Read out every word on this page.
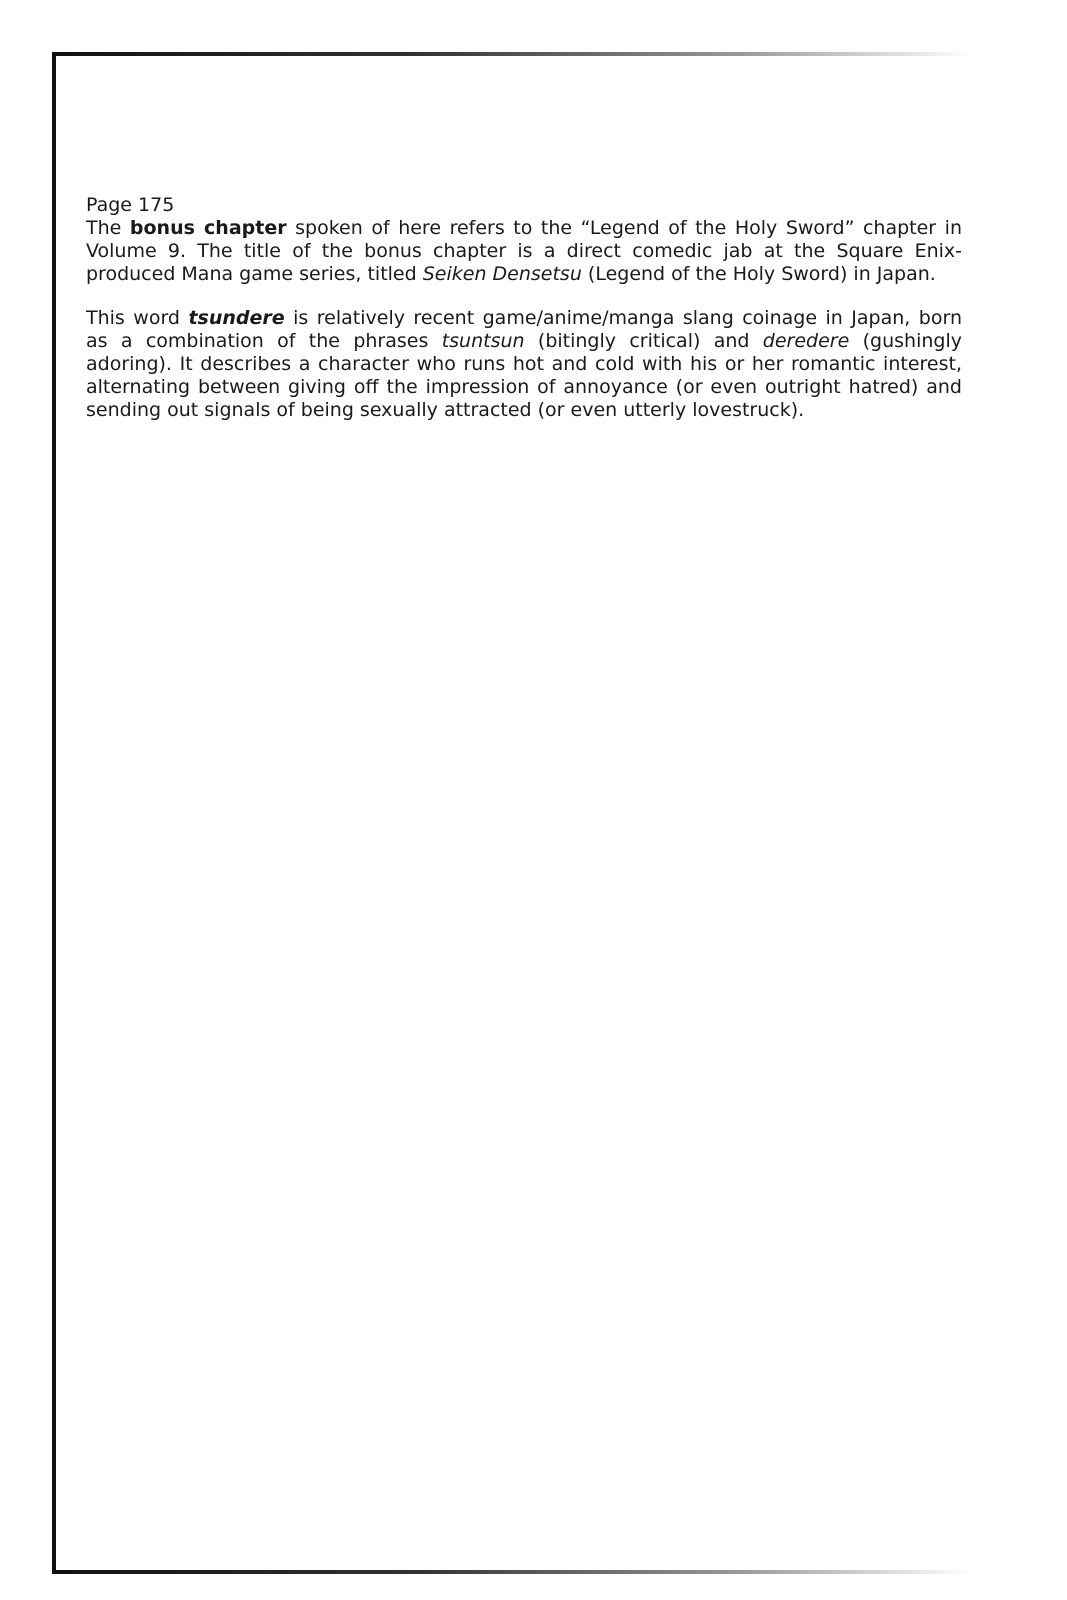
Page 175

The bonus chapter spoken of here refers to the “Legend of the Holy Sword” chapter in Volume 9. The title of the bonus chapter is a direct comedic jab at the Square Enix-produced Mana game series, titled Seiken Densetsu (Legend of the Holy Sword) in Japan.

This word tsundere is relatively recent game/anime/manga slang coinage in Japan, born as a combination of the phrases tsuntsun (bitingly critical) and deredere (gushingly adoring). It describes a character who runs hot and cold with his or her romantic interest, alternating between giving off the impression of annoyance (or even outright hatred) and sending out signals of being sexually attracted (or even utterly lovestruck).
